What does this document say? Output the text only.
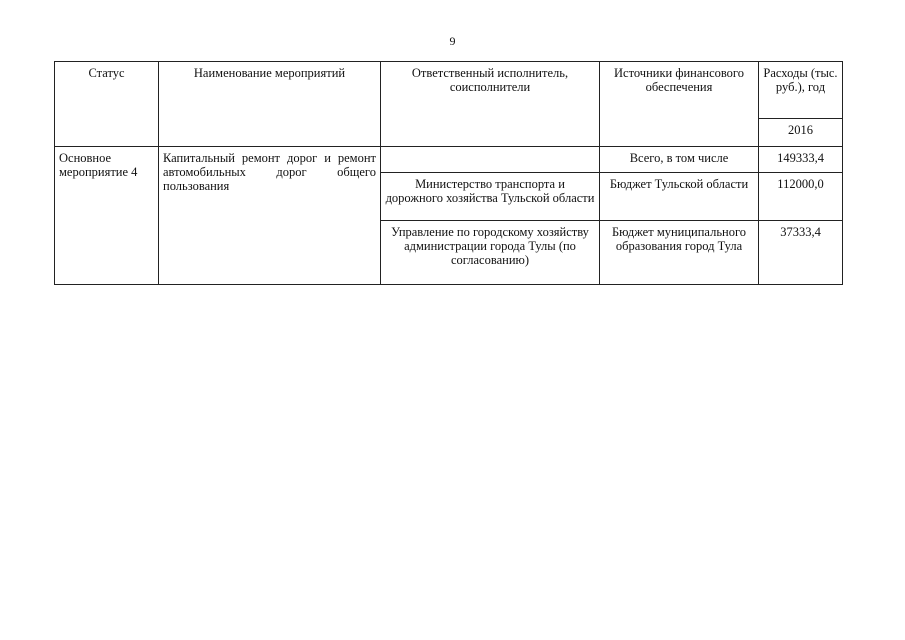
9
Статус	Наименование мероприятий	Ответственный исполнитель, соисполнители	Источники финансового обеспечения	Расходы (тыс. руб.), год
				2016
Основное мероприятие 4	Капитальный ремонт дорог и ремонт автомобильных дорог общего пользования		Всего, в том числе	149333,4
		Министерство транспорта и дорожного хозяйства Тульской области	Бюджет Тульской области	112000,0
		Управление по городскому хозяйству администрации города Тулы (по согласованию)	Бюджет муниципального образования город Тула	37333,4
